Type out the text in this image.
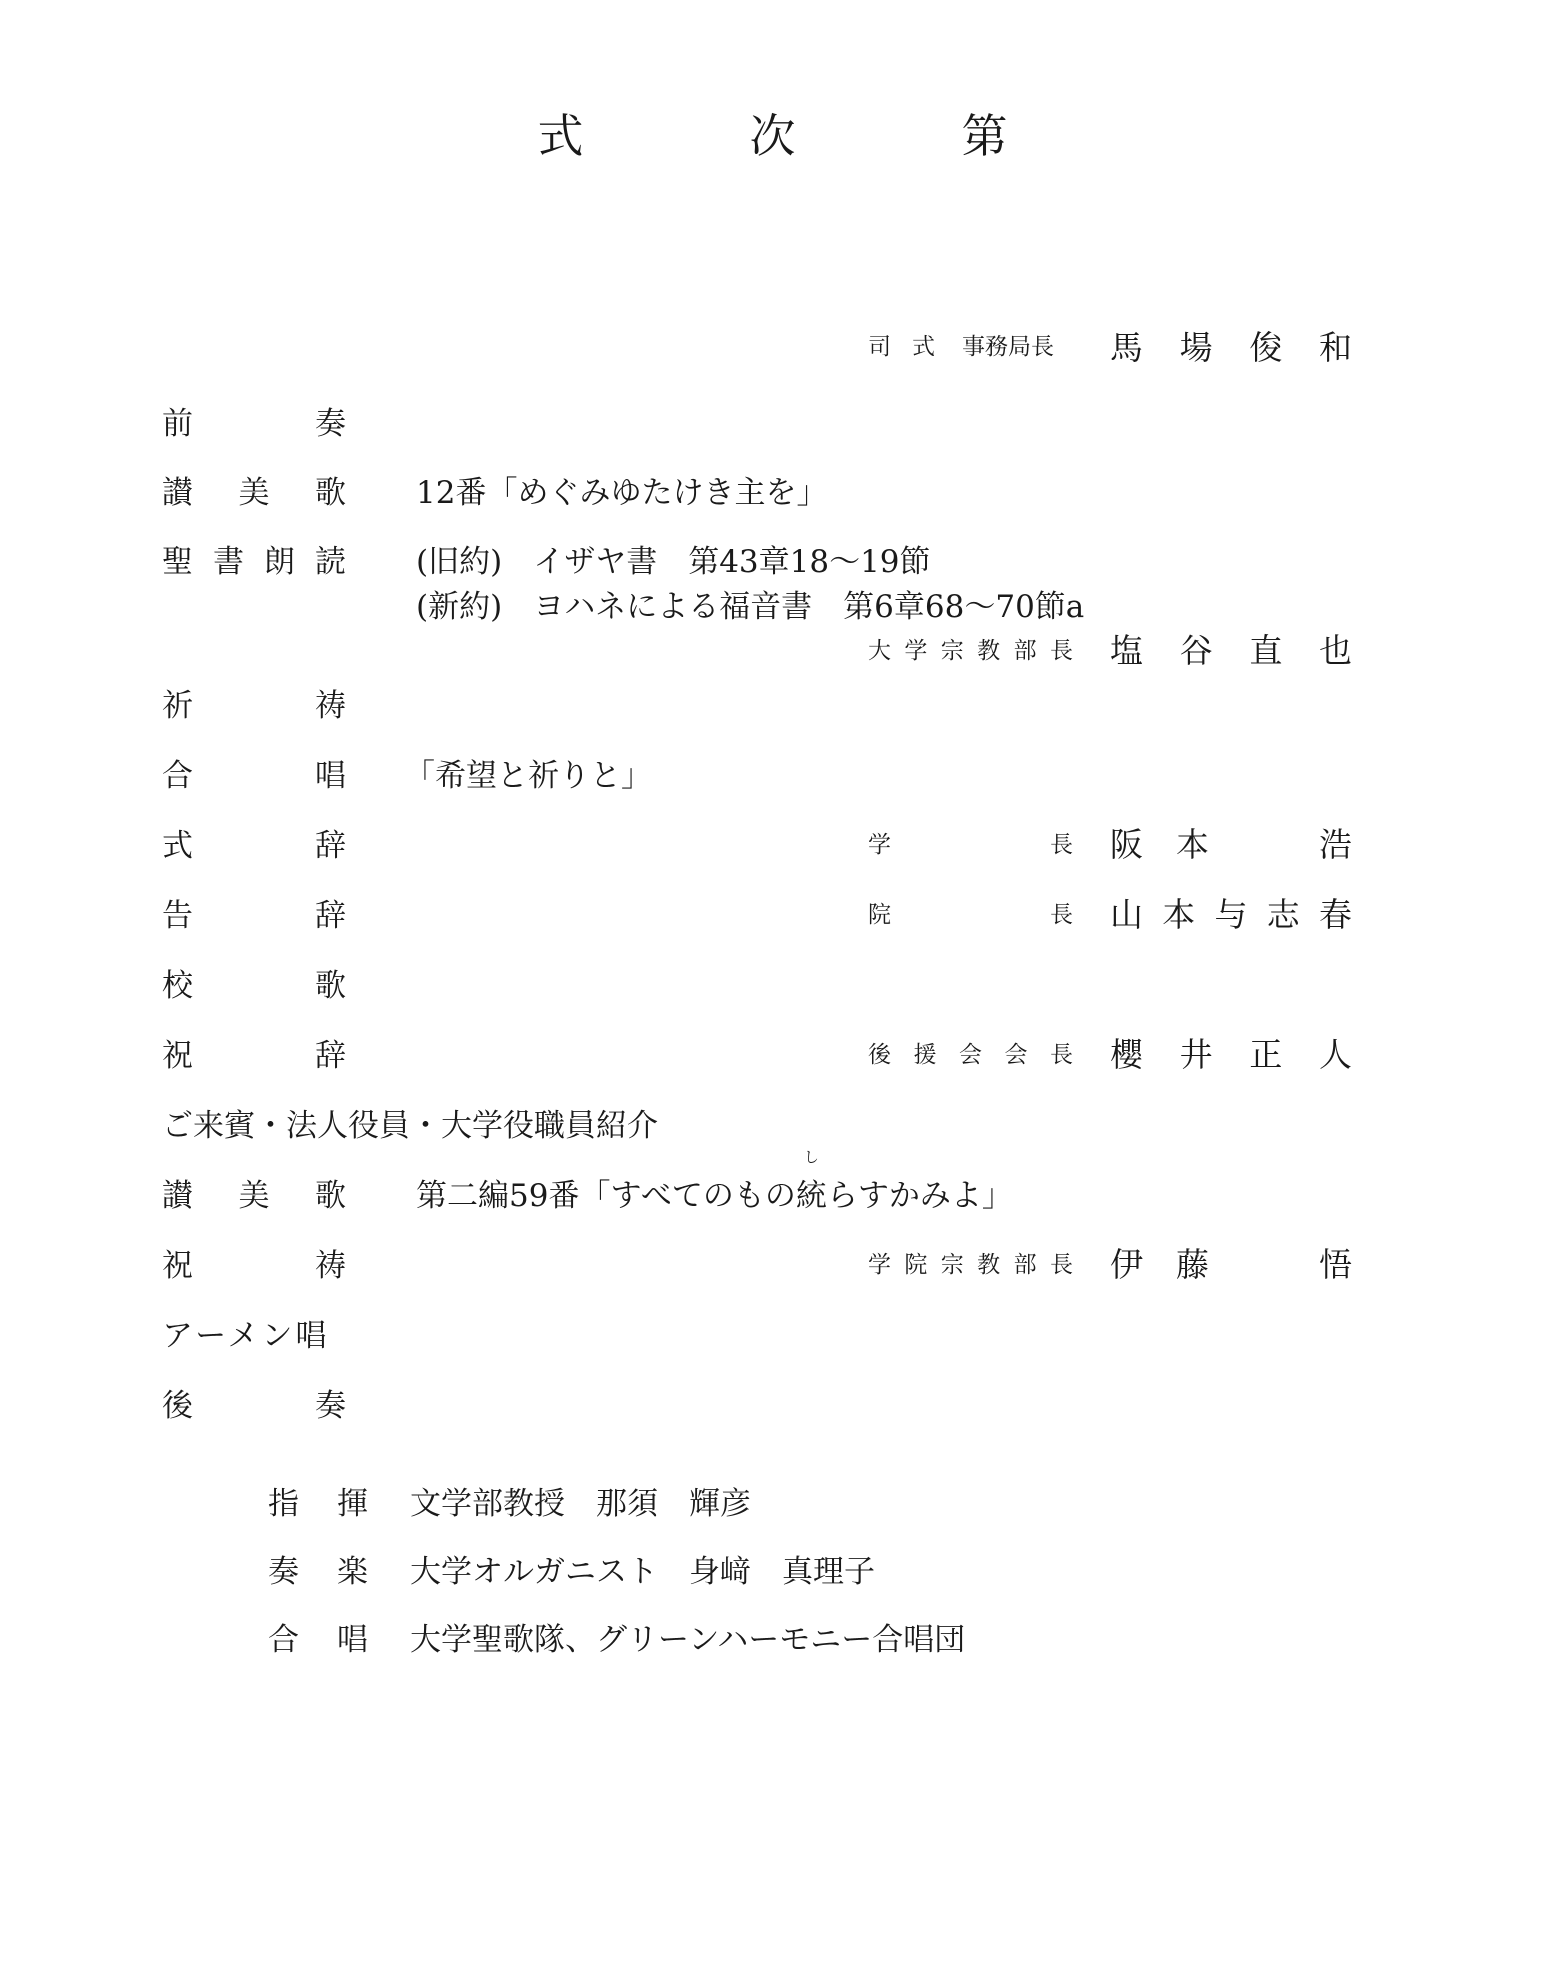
式　次　第
司 式 事務局長 馬 場 俊 和
前	奏
讃 美 歌 12番「めぐみゆたけき主を」
聖 書 朗 読 (旧約)　イザヤ書　第43章18～19節
(新約)　ヨハネによる福音書　第6章68～70節a
大 学 宗 教 部 長 塩 谷 直 也
祈	祷
合	唱 「希望と祈りと」
式	辞	学	長 阪 本	浩
告	辞	院	長 山 本 与 志 春
校	歌
祝	辞	後 援 会 会 長 櫻 井 正 人
ご来賓・法人役員・大学役職員紹介
讃 美 歌 第二編59番「すべてのもの
し
統らすかみよ」
祝	祷	学 院 宗 教 部 長 伊 藤	悟
アーメン唱
後	奏
指 揮 文学部教授　那須　輝彦
奏 楽 大学オルガニスト　身﨑　真理子
合 唱 大学聖歌隊、グリーンハーモニー合唱団
